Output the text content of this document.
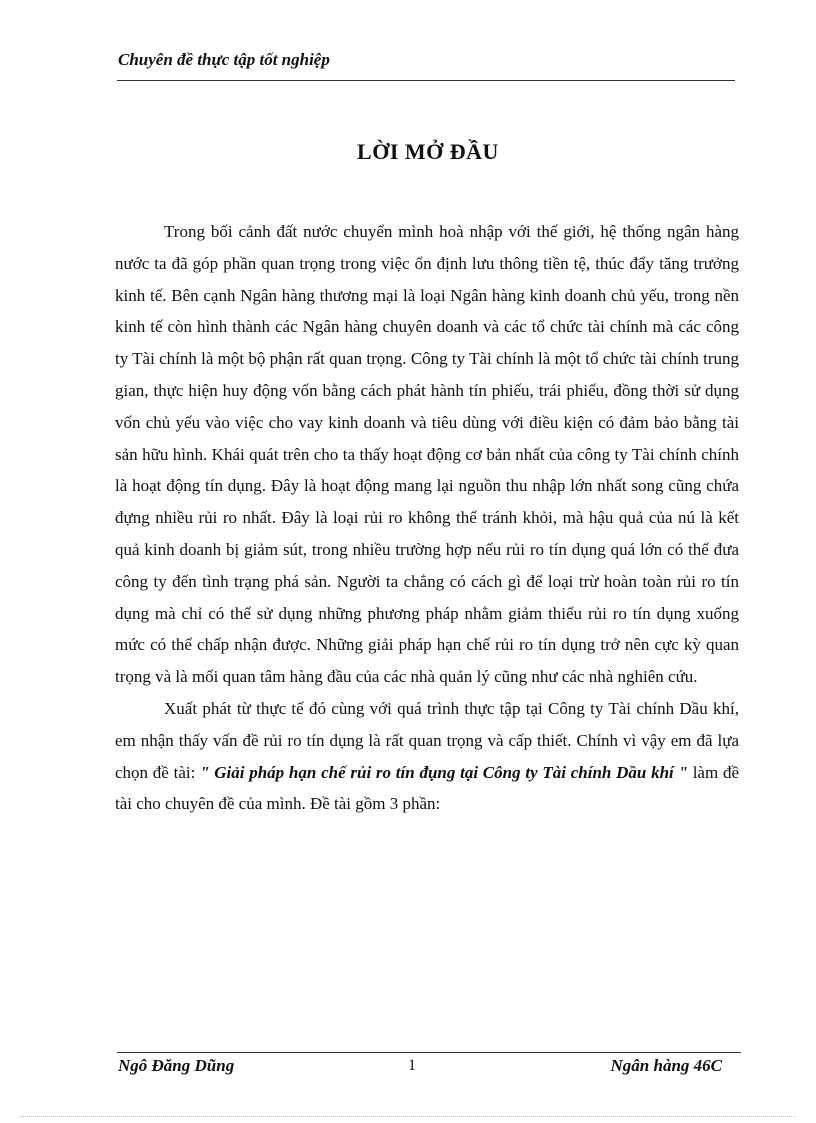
Chuyên đề thực tập tốt nghiệp
LỜI MỞ ĐẦU

Trong bối cảnh đất nước chuyển mình hoà nhập với thế giới, hệ thống ngân hàng nước ta đã góp phần quan trọng trong việc ổn định lưu thông tiền tệ, thúc đẩy tăng trưởng kinh tế. Bên cạnh Ngân hàng thương mại là loại Ngân hàng kinh doanh chủ yếu, trong nền kinh tế còn hình thành các Ngân hàng chuyên doanh và các tổ chức tài chính mà các công ty Tài chính là một bộ phận rất quan trọng. Công ty Tài chính là một tổ chức tài chính trung gian, thực hiện huy động vốn bằng cách phát hành tín phiếu, trái phiếu, đồng thời sử dụng vốn chủ yếu vào việc cho vay kinh doanh và tiêu dùng với điều kiện có đảm bảo bằng tài sản hữu hình. Khái quát trên cho ta thấy hoạt động cơ bản nhất của công ty Tài chính chính là hoạt động tín dụng. Đây là hoạt động mang lại nguồn thu nhập lớn nhất song cũng chứa đựng nhiều rủi ro nhất. Đây là loại rủi ro không thể tránh khỏi, mà hậu quả của nú là kết quả kinh doanh bị giảm sút, trong nhiều trường hợp nếu rủi ro tín dụng quá lớn có thể đưa công ty đến tình trạng phá sản. Người ta chẳng có cách gì để loại trừ hoàn toàn rủi ro tín dụng mà chỉ có thể sử dụng những phương pháp nhằm giảm thiểu rủi ro tín dụng xuống mức có thể chấp nhận được. Những giải pháp hạn chế rủi ro tín dụng trở nên cực kỳ quan trọng và là mối quan tâm hàng đầu của các nhà quản lý cũng như các nhà nghiên cứu.

Xuất phát từ thực tế đó cùng với quá trình thực tập tại Công ty Tài chính Dầu khí, em nhận thấy vấn đề rủi ro tín dụng là rất quan trọng và cấp thiết. Chính vì vậy em đã lựa chọn đề tài: " Giải pháp hạn chế rủi ro tín đụng tại Công ty Tài chính Dầu khí " làm đề tài cho chuyên đề của mình. Đề tài gồm 3 phần:

Ngô Đăng Dũng	1	Ngân hàng 46C
